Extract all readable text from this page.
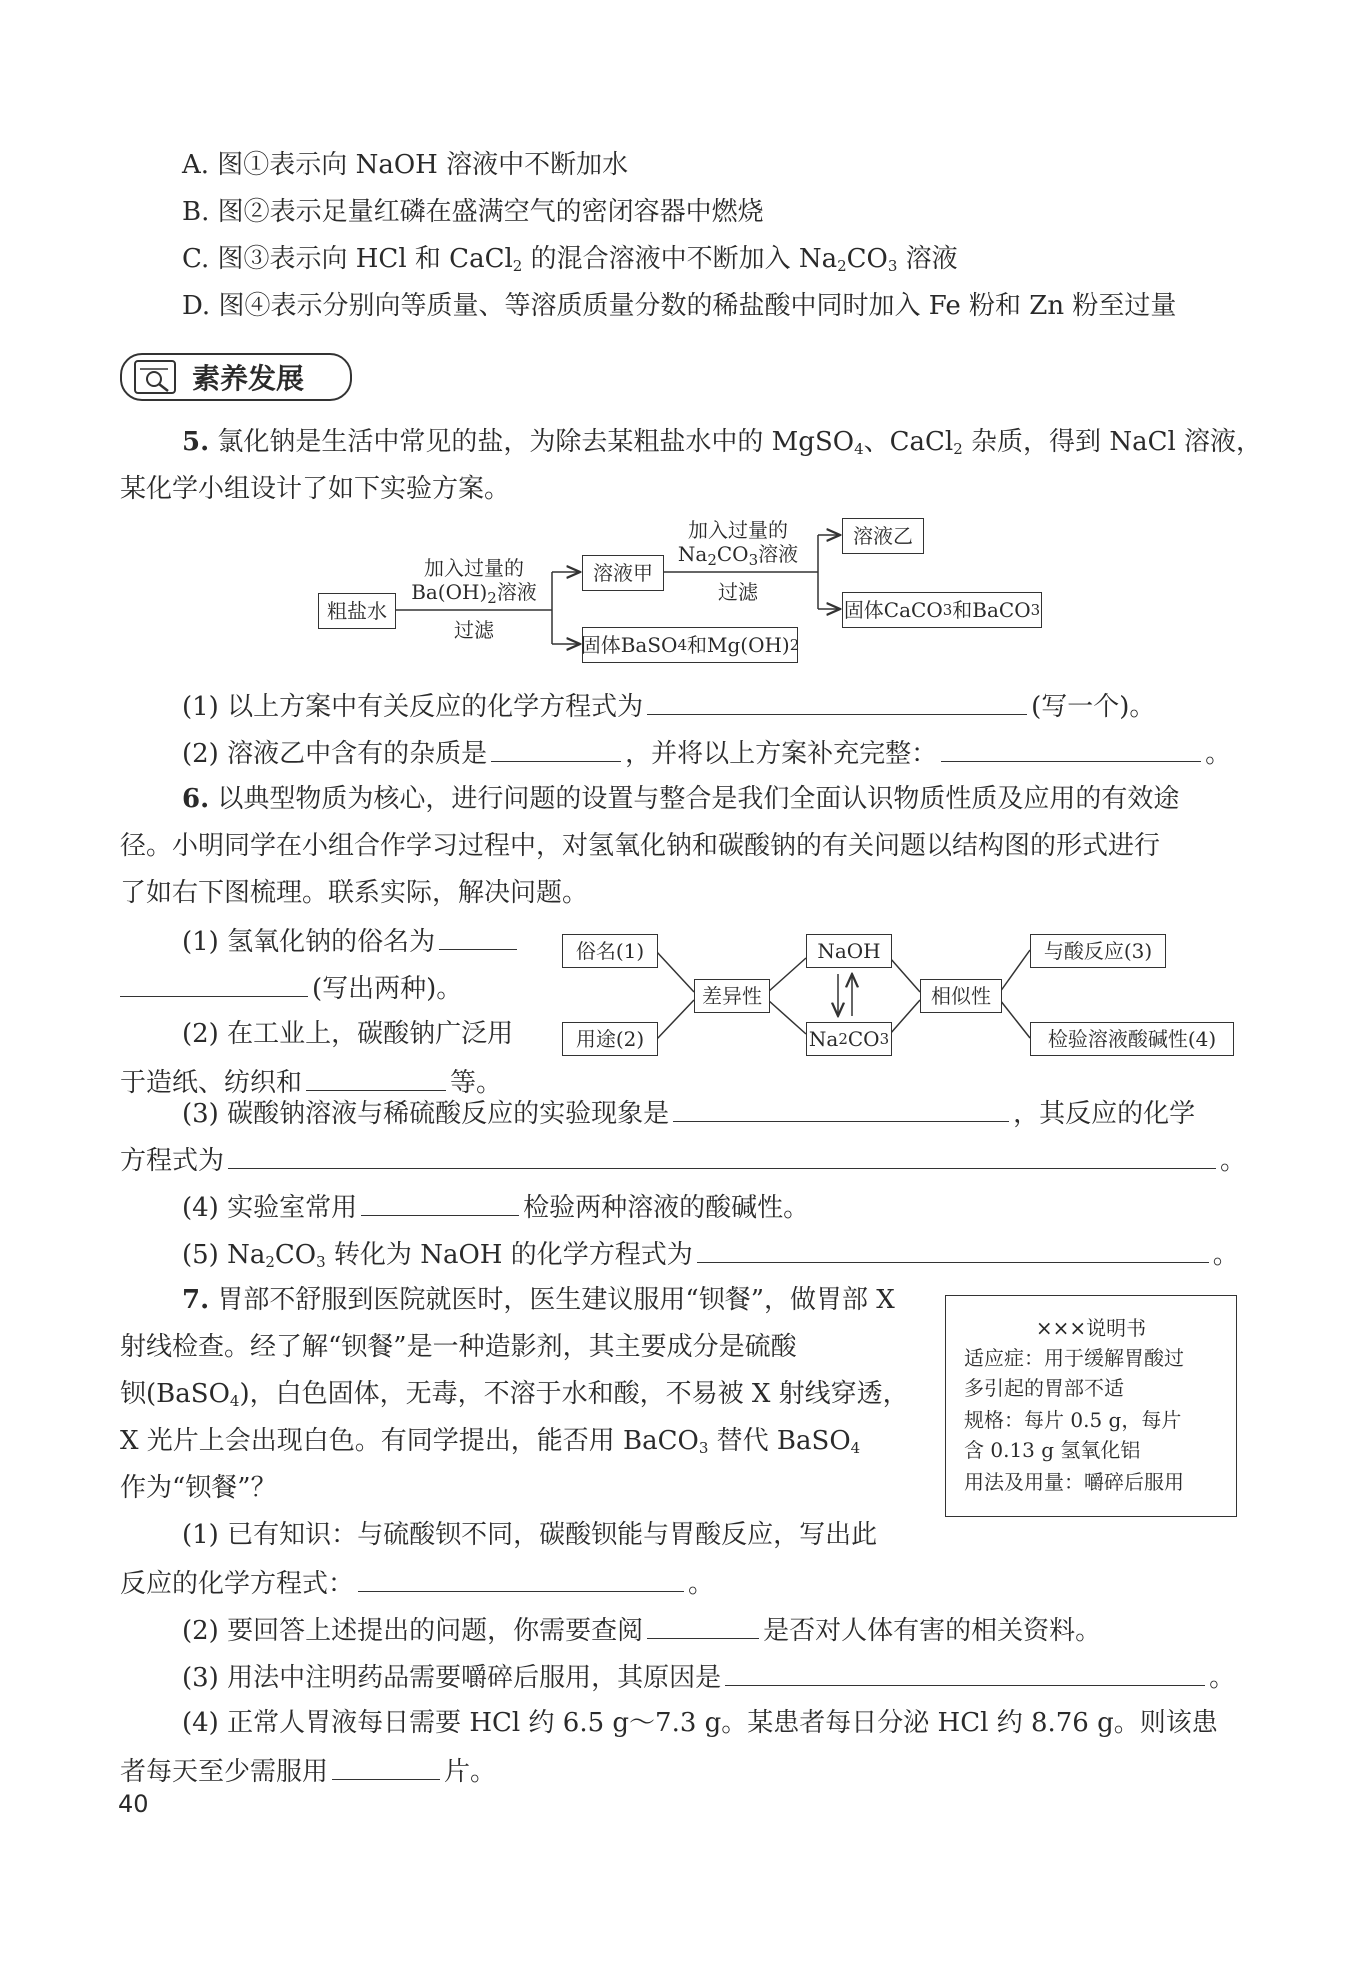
A. 图①表示向 NaOH 溶液中不断加水
B. 图②表示足量红磷在盛满空气的密闭容器中燃烧
C. 图③表示向 HCl 和 CaCl$_2$ 的混合溶液中不断加入 $Na_2CO_3$ 溶液
D. 图④表示分别向等质量、等溶质质量分数的稀盐酸中同时加入 Fe 粉和 Zn 粉至过量
素养发展
5. 氯化钠是生活中常见的盐，为除去某粗盐水中的 MgSO$_4$、CaCl$_2$ 杂质，得到 NaCl 溶液，
某化学小组设计了如下实验方案。
粗盐水
加入过量的
$Ba(OH)_2$溶液
过滤
溶液甲
固体BaSO 4 和Mg(OH) 2
加入过量的
$Na_2CO_3$溶液
过滤
溶液乙
固体CaCO 3 和BaCO 3
(1) 以上方案中有关反应的化学方程式为	(写一个)。
(2) 溶液乙中含有的杂质是	，并将以上方案补充完整：	。
6. 以典型物质为核心，进行问题的设置与整合是我们全面认识物质性质及应用的有效途
径。小明同学在小组合作学习过程中，对氢氧化钠和碳酸钠的有关问题以结构图的形式进行
了如右下图梳理。联系实际，解决问题。
(1) 氢氧化钠的俗名为
(写出两种)。
(2) 在工业上，碳酸钠广泛用
于造纸、纺织和	等。
俗名(1)
用途(2)
差异性
NaOH
Na 2 CO 3
相似性
与酸反应(3)
检验溶液酸碱性(4)
(3) 碳酸钠溶液与稀硫酸反应的实验现象是	，其反应的化学
方程式为	。
(4) 实验室常用	检验两种溶液的酸碱性。
(5) $Na_2CO_3$ 转化为 NaOH 的化学方程式为	。
7. 胃部不舒服到医院就医时，医生建议服用“钡餐”，做胃部 X
射线检查。经了解“钡餐”是一种造影剂，其主要成分是硫酸
钡(BaSO$_4$)，白色固体，无毒，不溶于水和酸，不易被 X 射线穿透，
X 光片上会出现白色。有同学提出，能否用 BaCO$_3$ 替代 BaSO$_4$
作为“钡餐”？
×××说明书
适应症：用于缓解胃酸过
多引起的胃部不适
规格：每片 0.5 g，每片
含 0.13 g 氢氧化铝
用法及用量：嚼碎后服用
(1) 已有知识：与硫酸钡不同，碳酸钡能与胃酸反应，写出此
反应的化学方程式：	。
(2) 要回答上述提出的问题，你需要查阅	是否对人体有害的相关资料。
(3) 用法中注明药品需要嚼碎后服用，其原因是	。
(4) 正常人胃液每日需要 HCl 约 6.5 g～7.3 g。某患者每日分泌 HCl 约 8.76 g。则该患
者每天至少需服用	片。
40
